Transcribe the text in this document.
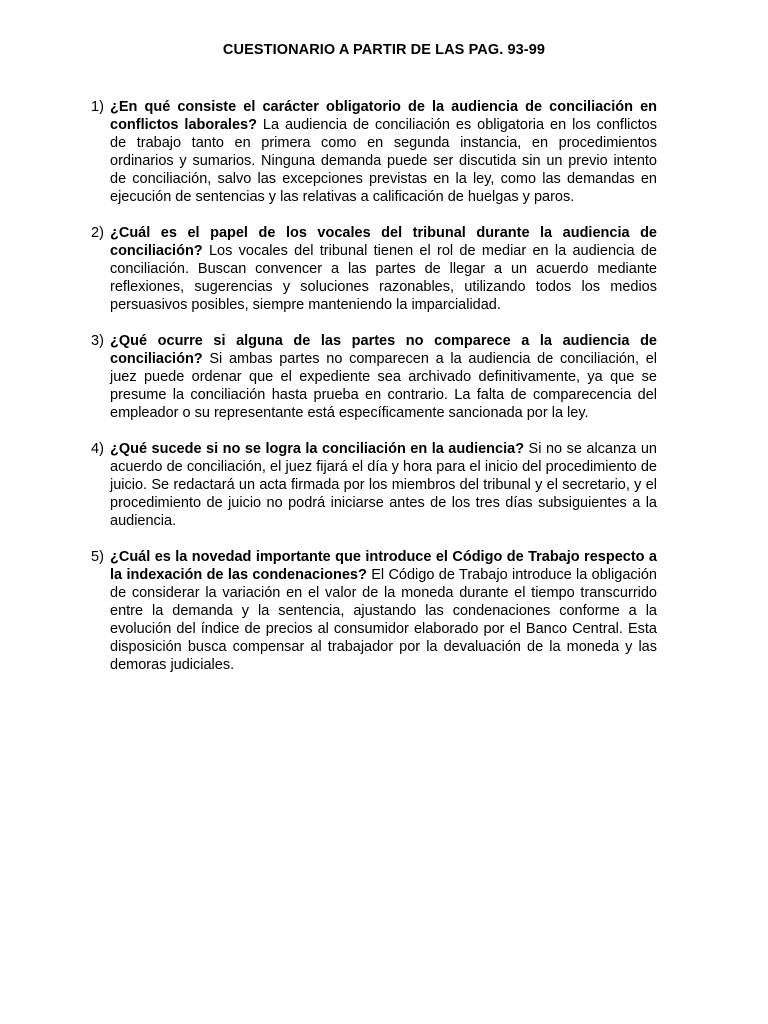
CUESTIONARIO A PARTIR DE LAS PAG. 93-99
1) ¿En qué consiste el carácter obligatorio de la audiencia de conciliación en conflictos laborales? La audiencia de conciliación es obligatoria en los conflictos de trabajo tanto en primera como en segunda instancia, en procedimientos ordinarios y sumarios. Ninguna demanda puede ser discutida sin un previo intento de conciliación, salvo las excepciones previstas en la ley, como las demandas en ejecución de sentencias y las relativas a calificación de huelgas y paros.
2) ¿Cuál es el papel de los vocales del tribunal durante la audiencia de conciliación? Los vocales del tribunal tienen el rol de mediar en la audiencia de conciliación. Buscan convencer a las partes de llegar a un acuerdo mediante reflexiones, sugerencias y soluciones razonables, utilizando todos los medios persuasivos posibles, siempre manteniendo la imparcialidad.
3) ¿Qué ocurre si alguna de las partes no comparece a la audiencia de conciliación? Si ambas partes no comparecen a la audiencia de conciliación, el juez puede ordenar que el expediente sea archivado definitivamente, ya que se presume la conciliación hasta prueba en contrario. La falta de comparecencia del empleador o su representante está específicamente sancionada por la ley.
4) ¿Qué sucede si no se logra la conciliación en la audiencia? Si no se alcanza un acuerdo de conciliación, el juez fijará el día y hora para el inicio del procedimiento de juicio. Se redactará un acta firmada por los miembros del tribunal y el secretario, y el procedimiento de juicio no podrá iniciarse antes de los tres días subsiguientes a la audiencia.
5) ¿Cuál es la novedad importante que introduce el Código de Trabajo respecto a la indexación de las condenaciones? El Código de Trabajo introduce la obligación de considerar la variación en el valor de la moneda durante el tiempo transcurrido entre la demanda y la sentencia, ajustando las condenaciones conforme a la evolución del índice de precios al consumidor elaborado por el Banco Central. Esta disposición busca compensar al trabajador por la devaluación de la moneda y las demoras judiciales.
